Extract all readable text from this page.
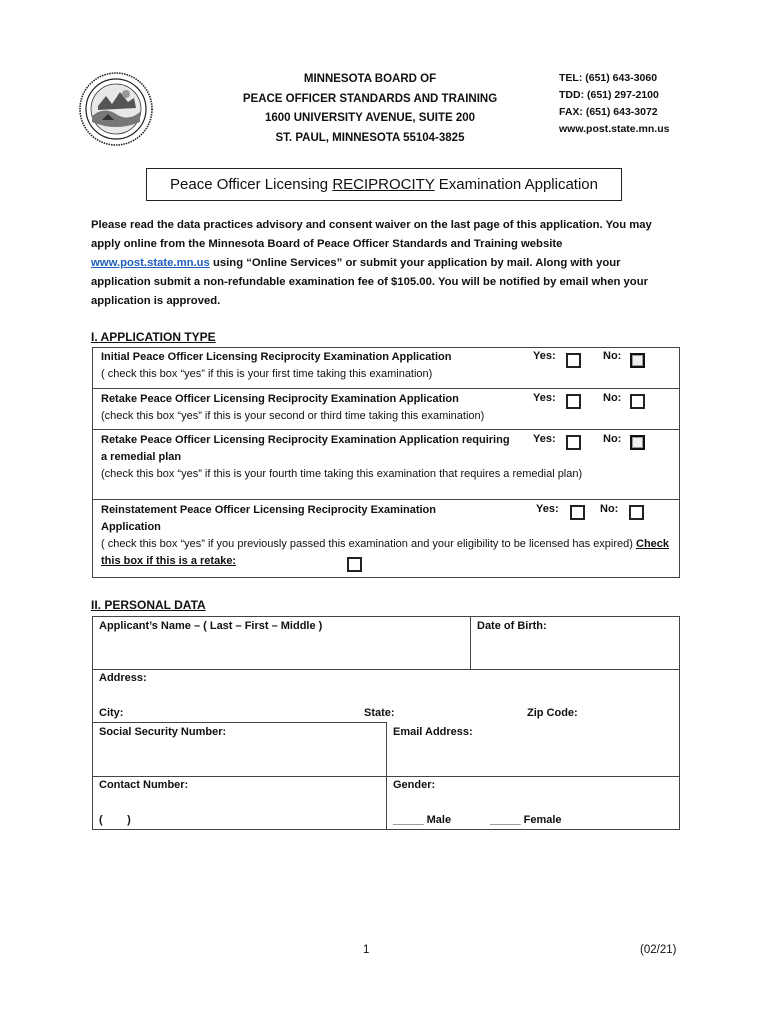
MINNESOTA BOARD OF
PEACE OFFICER STANDARDS AND TRAINING
1600 UNIVERSITY AVENUE, SUITE 200
ST. PAUL, MINNESOTA 55104-3825
TEL: (651) 643-3060
TDD: (651) 297-2100
FAX: (651) 643-3072
www.post.state.mn.us
Peace Officer Licensing RECIPROCITY Examination Application
Please read the data practices advisory and consent waiver on the last page of this application. You may apply online from the Minnesota Board of Peace Officer Standards and Training website www.post.state.mn.us using “Online Services” or submit your application by mail. Along with your application submit a non-refundable examination fee of $105.00. You will be notified by email when your application is approved.
I. APPLICATION TYPE
Initial Peace Officer Licensing Reciprocity Examination Application
( check this box “yes” if this is your first time taking this examination)
Yes:	No:
Retake Peace Officer Licensing Reciprocity Examination Application
(check this box “yes” if this is your second or third time taking this examination)
Yes:	No:
Retake Peace Officer Licensing Reciprocity Examination Application requiring a remedial plan
(check this box “yes” if this is your fourth time taking this examination that requires a remedial plan)
Yes:	No:
Reinstatement Peace Officer Licensing Reciprocity Examination Application
( check this box “yes” if you previously passed this examination and your eligibility to be licensed has expired) Check this box if this is a retake:
Yes:	No:
II. PERSONAL DATA
Applicant’s Name – ( Last – First – Middle )	Date of Birth:
Address:
City:	State:	Zip Code:
Social Security Number:	Email Address:
Contact Number:
(        )
Gender:
_____ Male	_____ Female
1	(02/21)
